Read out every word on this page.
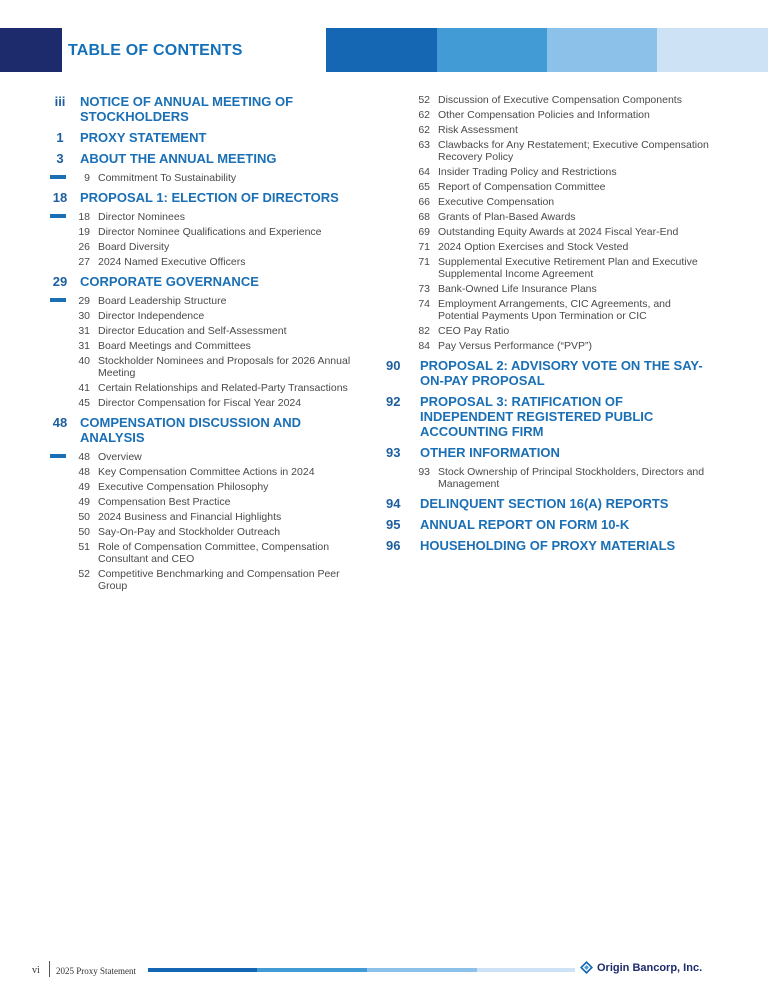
TABLE OF CONTENTS
iii	NOTICE OF ANNUAL MEETING OF STOCKHOLDERS
1	PROXY STATEMENT
3	ABOUT THE ANNUAL MEETING
9 Commitment To Sustainability
18 PROPOSAL 1: ELECTION OF DIRECTORS
18 Director Nominees
19 Director Nominee Qualifications and Experience
26 Board Diversity
27 2024 Named Executive Officers
29 CORPORATE GOVERNANCE
29 Board Leadership Structure
30 Director Independence
31 Director Education and Self-Assessment
31 Board Meetings and Committees
40 Stockholder Nominees and Proposals for 2026 Annual Meeting
41 Certain Relationships and Related-Party Transactions
45 Director Compensation for Fiscal Year 2024
48 COMPENSATION DISCUSSION AND ANALYSIS
48 Overview
48 Key Compensation Committee Actions in 2024
49 Executive Compensation Philosophy
49 Compensation Best Practice
50 2024 Business and Financial Highlights
50 Say-On-Pay and Stockholder Outreach
51 Role of Compensation Committee, Compensation Consultant and CEO
52 Competitive Benchmarking and Compensation Peer Group
52 Discussion of Executive Compensation Components
62 Other Compensation Policies and Information
62 Risk Assessment
63 Clawbacks for Any Restatement; Executive Compensation Recovery Policy
64 Insider Trading Policy and Restrictions
65 Report of Compensation Committee
66 Executive Compensation
68 Grants of Plan-Based Awards
69 Outstanding Equity Awards at 2024 Fiscal Year-End
71 2024 Option Exercises and Stock Vested
71 Supplemental Executive Retirement Plan and Executive Supplemental Income Agreement
73 Bank-Owned Life Insurance Plans
74 Employment Arrangements, CIC Agreements, and Potential Payments Upon Termination or CIC
82 CEO Pay Ratio
84 Pay Versus Performance (“PVP”)
90	PROPOSAL 2: ADVISORY VOTE ON THE SAY-ON-PAY PROPOSAL
92	PROPOSAL 3: RATIFICATION OF INDEPENDENT REGISTERED PUBLIC ACCOUNTING FIRM
93	OTHER INFORMATION
93 Stock Ownership of Principal Stockholders, Directors and Management
94	DELINQUENT SECTION 16(A) REPORTS
95	ANNUAL REPORT ON FORM 10-K
96	HOUSEHOLDING OF PROXY MATERIALS
vi 2025 Proxy Statement	Origin Bancorp, Inc.
